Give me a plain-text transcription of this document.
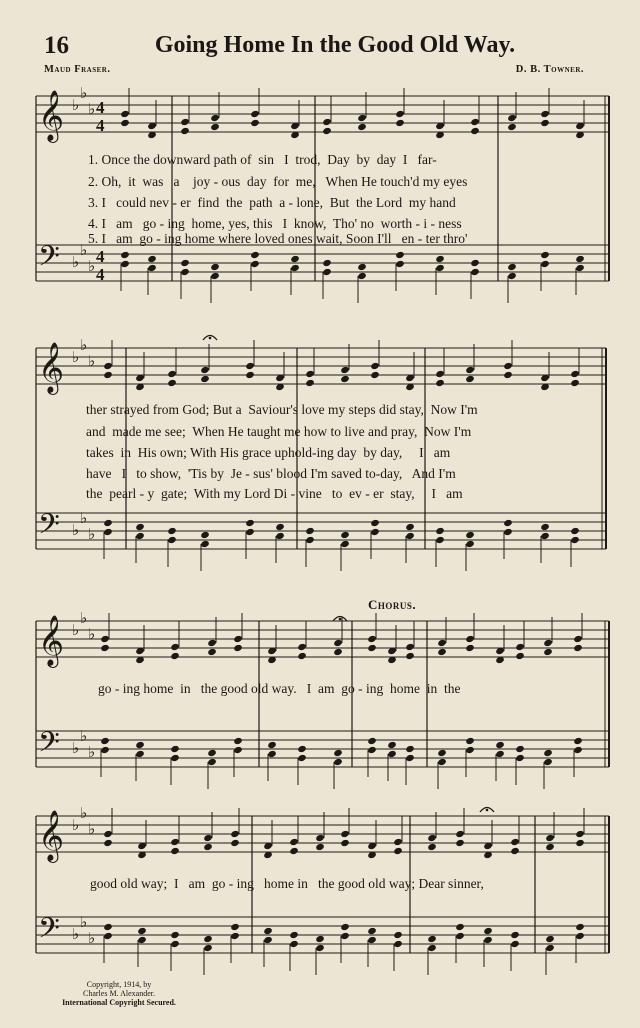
16	Going Home In the Good Old Way.
Maud Fraser.	D. B. Towner.
𝄞 ♭
♭
♭ 4
4
𝄢 ♭
♭
♭ 4
4
𝄞 ♭
♭
♭
𝄢 ♭
♭
♭
𝄞 ♭
♭
♭
𝄢 ♭
♭
♭
𝄞 ♭
♭
♭
𝄢 ♭
♭
♭
1. Once the downward path of  sin   I  trod,  Day  by  day  I   far-
2. Oh,  it  was   a    joy - ous  day  for  me,   When He touch'd my eyes
3. I   could nev - er  find  the  path  a - lone,  But  the Lord  my hand
4. I   am   go - ing  home, yes, this   I  know,  Tho' no  worth - i - ness
5. I   am  go - ing home where loved ones wait, Soon I'll   en - ter thro'
ther strayed from God; But a  Saviour's love my steps did stay,  Now I'm
and  made me see;  When He taught me how to live and pray,  Now I'm
takes  in  His own; With His grace uphold-ing day  by day,     I   am
have   I   to show,  'Tis by  Je - sus' blood I'm saved to-day,   And I'm
the  pearl - y  gate;  With my Lord Di - vine   to  ev - er  stay,     I   am
Chorus.
go - ing home  in   the good old way.   I  am  go - ing  home  in  the
good old way;  I   am  go - ing   home in   the good old way; Dear sinner,
Copyright, 1914, by
Charles M. Alexander.
International Copyright Secured.
